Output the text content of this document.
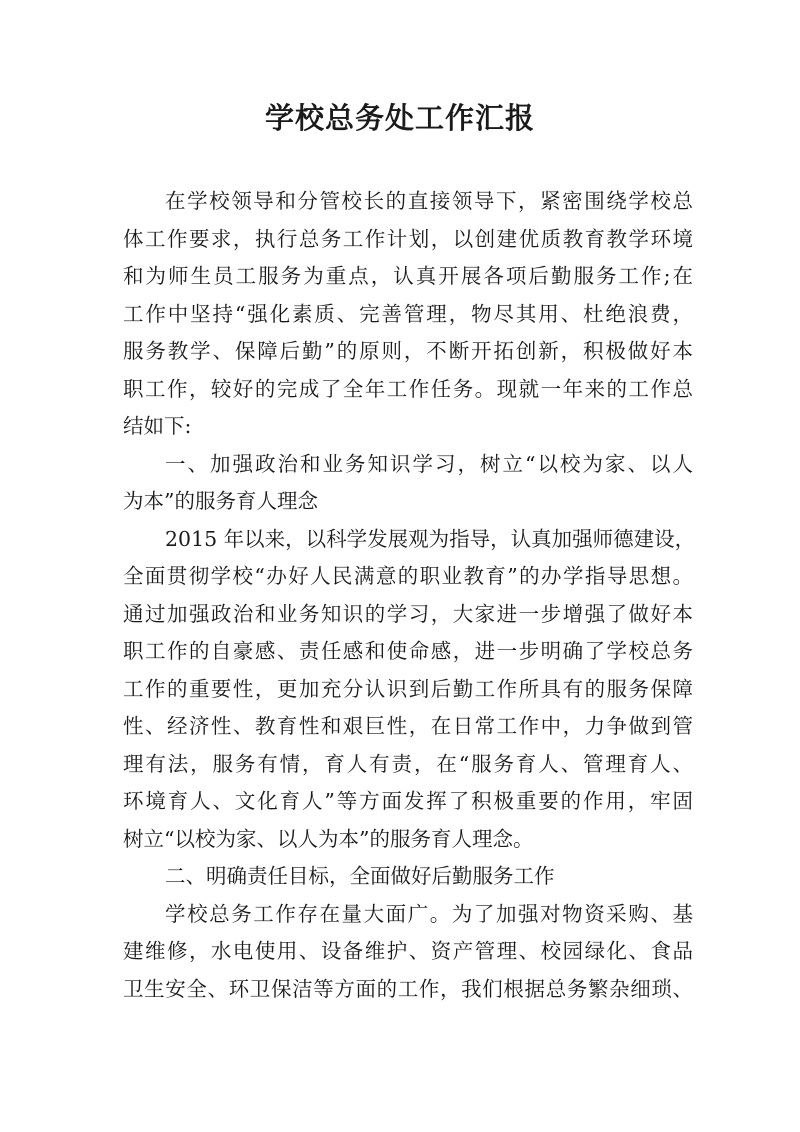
学校总务处工作汇报
在学校领导和分管校长的直接领导下，紧密围绕学校总
体工作要求，执行总务工作计划，以创建优质教育教学环境
和为师生员工服务为重点，认真开展各项后勤服务工作;在
工作中坚持“强化素质、完善管理，物尽其用、杜绝浪费，
服务教学、保障后勤”的原则，不断开拓创新，积极做好本
职工作，较好的完成了全年工作任务。现就一年来的工作总
结如下:
一、加强政治和业务知识学习，树立“以校为家、以人
为本”的服务育人理念
2015 年以来，以科学发展观为指导，认真加强师德建设，
全面贯彻学校“办好人民满意的职业教育”的办学指导思想。
通过加强政治和业务知识的学习，大家进一步增强了做好本
职工作的自豪感、责任感和使命感，进一步明确了学校总务
工作的重要性，更加充分认识到后勤工作所具有的服务保障
性、经济性、教育性和艰巨性，在日常工作中，力争做到管
理有法，服务有情，育人有责，在“服务育人、管理育人、
环境育人、文化育人”等方面发挥了积极重要的作用，牢固
树立“以校为家、以人为本”的服务育人理念。
二、明确责任目标，全面做好后勤服务工作
学校总务工作存在量大面广。为了加强对物资采购、基
建维修，水电使用、设备维护、资产管理、校园绿化、食品
卫生安全、环卫保洁等方面的工作，我们根据总务繁杂细琐、
